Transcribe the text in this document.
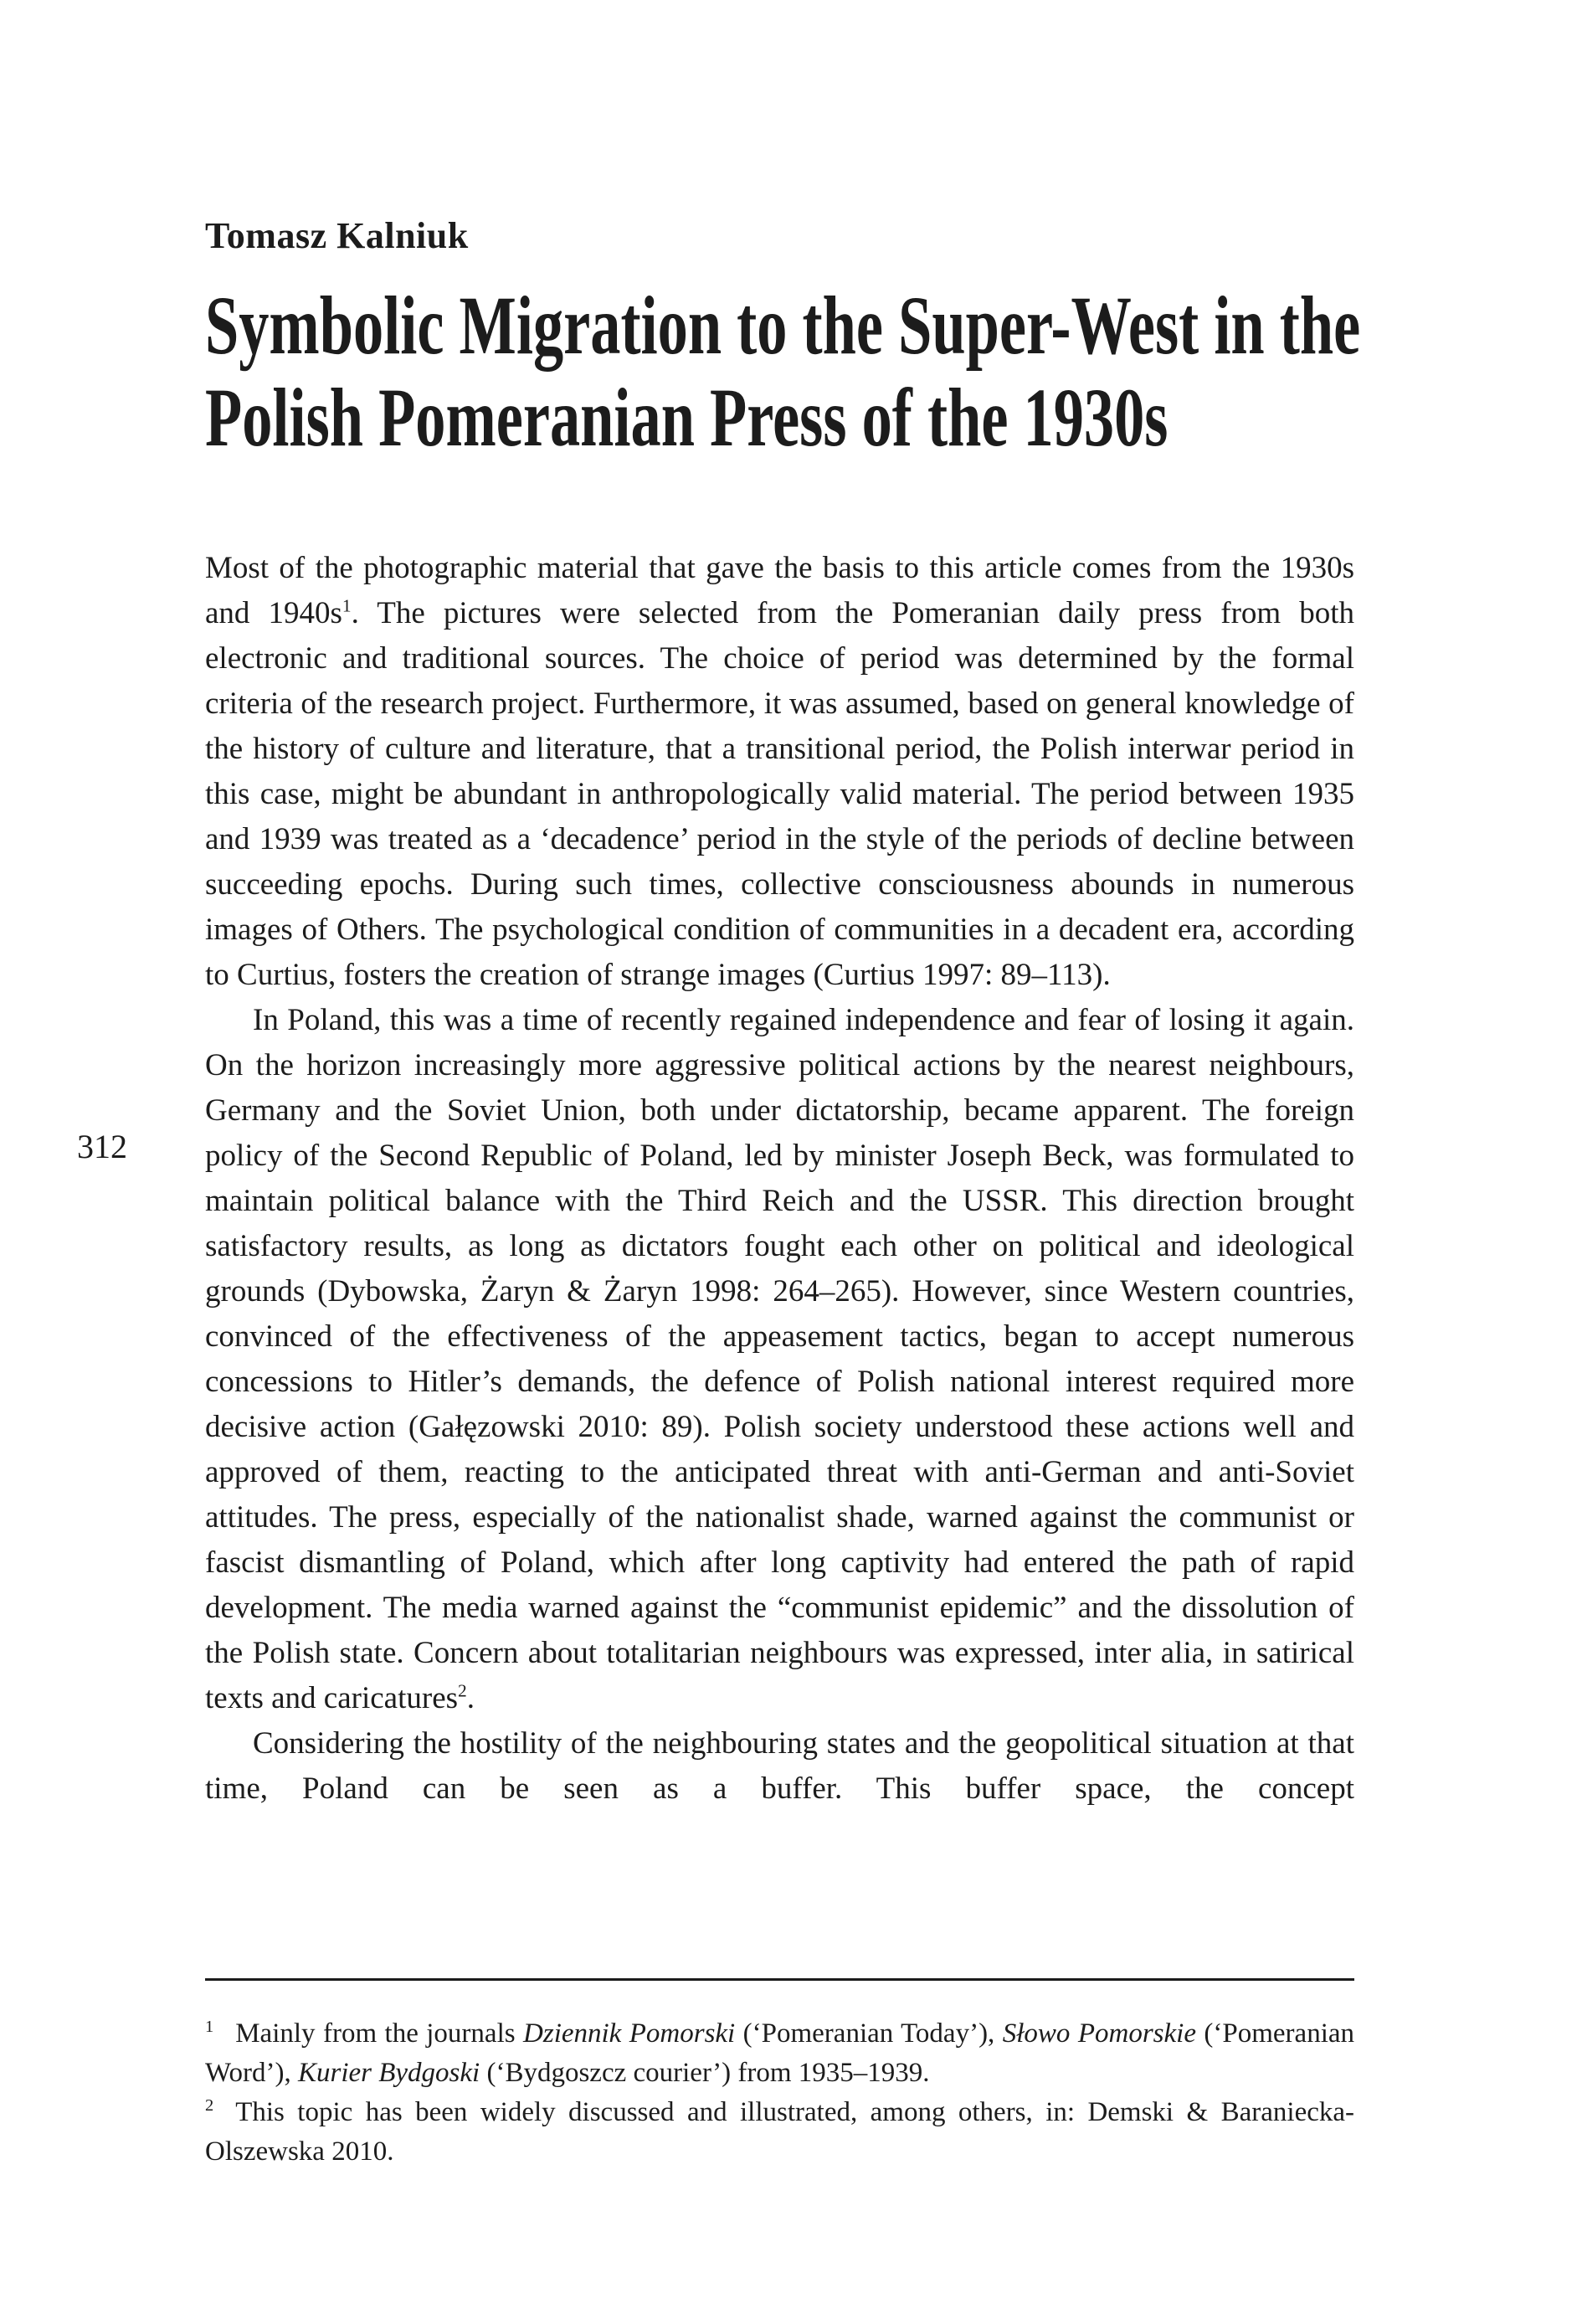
Tomasz Kalniuk
Symbolic Migration to the Super-West in the
Polish Pomeranian Press of the 1930s
312

Most of the photographic material that gave the basis to this article comes from the 1930s and $1940s^1$. The pictures were selected from the Pomeranian daily press from both electronic and traditional sources. The choice of period was determined by the formal criteria of the research project. Furthermore, it was assumed, based on general knowledge of the history of culture and literature, that a transitional period, the Polish interwar period in this case, might be abundant in anthropologically valid material. The period between 1935 and 1939 was treated as a ‘decadence’ period in the style of the periods of decline between succeeding epochs. During such times, collective consciousness abounds in numerous images of Others. The psychological condition of communities in a decadent era, according to Curtius, fosters the creation of strange images (Curtius 1997: 89–113).

In Poland, this was a time of recently regained independence and fear of losing it again. On the horizon increasingly more aggressive political actions by the nearest neighbours, Germany and the Soviet Union, both under dictatorship, became apparent. The foreign policy of the Second Republic of Poland, led by minister Joseph Beck, was formulated to maintain political balance with the Third Reich and the USSR. This direction brought satisfactory results, as long as dictators fought each other on political and ideological grounds (Dybowska, Żaryn & Żaryn 1998: 264–265). However, since Western countries, convinced of the effectiveness of the appeasement tactics, began to accept numerous concessions to Hitler’s demands, the defence of Polish national interest required more decisive action (Gałęzowski 2010: 89). Polish society understood these actions well and approved of them, reacting to the anticipated threat with anti-German and anti-Soviet attitudes. The press, especially of the nationalist shade, warned against the communist or fascist dismantling of Poland, which after long captivity had entered the path of rapid development. The media warned against the “communist epidemic” and the dissolution of the Polish state. Concern about totalitarian neighbours was expressed, inter alia, in satirical texts and caricatures$^2$.

Considering the hostility of the neighbouring states and the geopolitical situation at that time, Poland can be seen as a buffer. This buffer space, the concept

$^1$ Mainly from the journals Dziennik Pomorski (‘Pomeranian Today’), Słowo Pomorskie (‘Pomeranian Word’), Kurier Bydgoski (‘Bydgoszcz courier’) from 1935–1939.

$^2$ This topic has been widely discussed and illustrated, among others, in: Demski & Baraniecka-Olszewska 2010.
